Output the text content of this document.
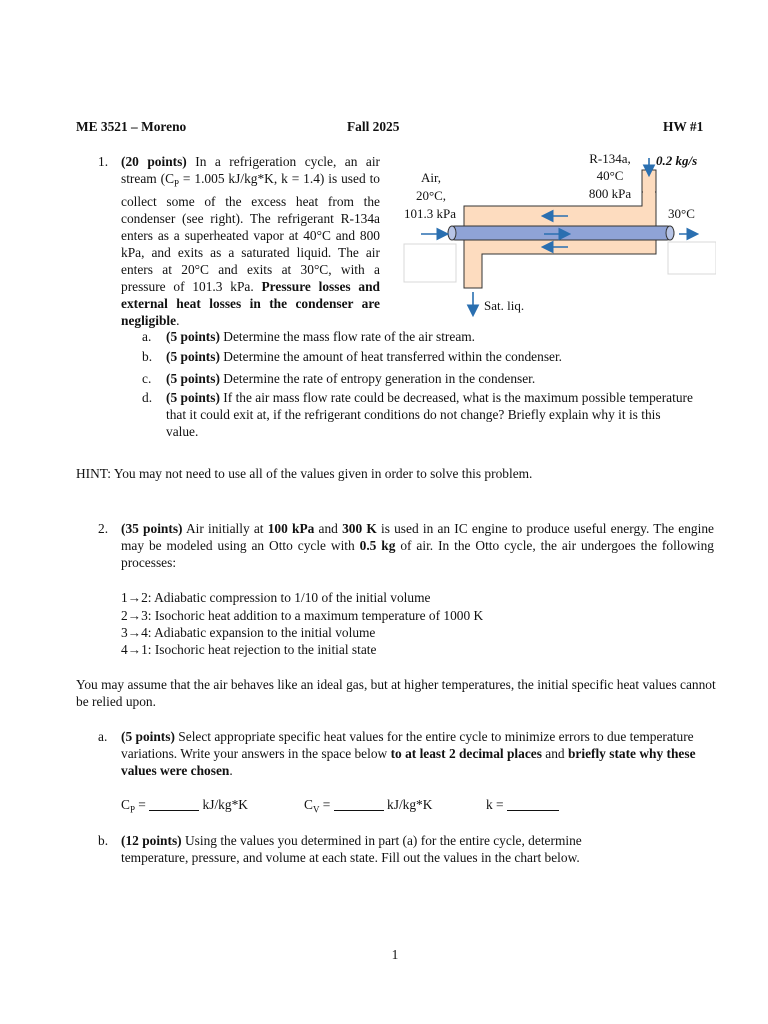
ME 3521 – Moreno	Fall 2025	HW #1
1. (20 points) In a refrigeration cycle, an air stream ($C_P = 1.005$ kJ/kg*K, k = 1.4) is used to collect some of the excess heat from the condenser (see right). The refrigerant R-134a enters as a superheated vapor at 40°C and 800 kPa, and exits as a saturated liquid. The air enters at 20°C and exits at 30°C, with a pressure of 101.3 kPa. Pressure losses and external heat losses in the condenser are negligible.
R-134a,
40°C
800 kPa
0.2 kg/s
Air,
20°C,
101.3 kPa	30°C
Sat. liq.
a. (5 points) Determine the mass flow rate of the air stream.
b. (5 points) Determine the amount of heat transferred within the condenser.
c. (5 points) Determine the rate of entropy generation in the condenser.
d. (5 points) If the air mass flow rate could be decreased, what is the maximum possible temperature that it could exit at, if the refrigerant conditions do not change? Briefly explain why it is this value.
HINT: You may not need to use all of the values given in order to solve this problem.
2. (35 points) Air initially at 100 kPa and 300 K is used in an IC engine to produce useful energy. The engine may be modeled using an Otto cycle with 0.5 kg of air. In the Otto cycle, the air undergoes the following processes:
1→2: Adiabatic compression to 1/10 of the initial volume
2→3: Isochoric heat addition to a maximum temperature of 1000 K
3→4: Adiabatic expansion to the initial volume
4→1: Isochoric heat rejection to the initial state
You may assume that the air behaves like an ideal gas, but at higher temperatures, the initial specific heat values cannot be relied upon.
a. (5 points) Select appropriate specific heat values for the entire cycle to minimize errors to due temperature variations. Write your answers in the space below to at least 2 decimal places and briefly state why these values were chosen.
$C_P$ =	kJ/kg*K	$C_V$ =	kJ/kg*K	k =
b. (12 points) Using the values you determined in part (a) for the entire cycle, determine temperature, pressure, and volume at each state. Fill out the values in the chart below.
1
